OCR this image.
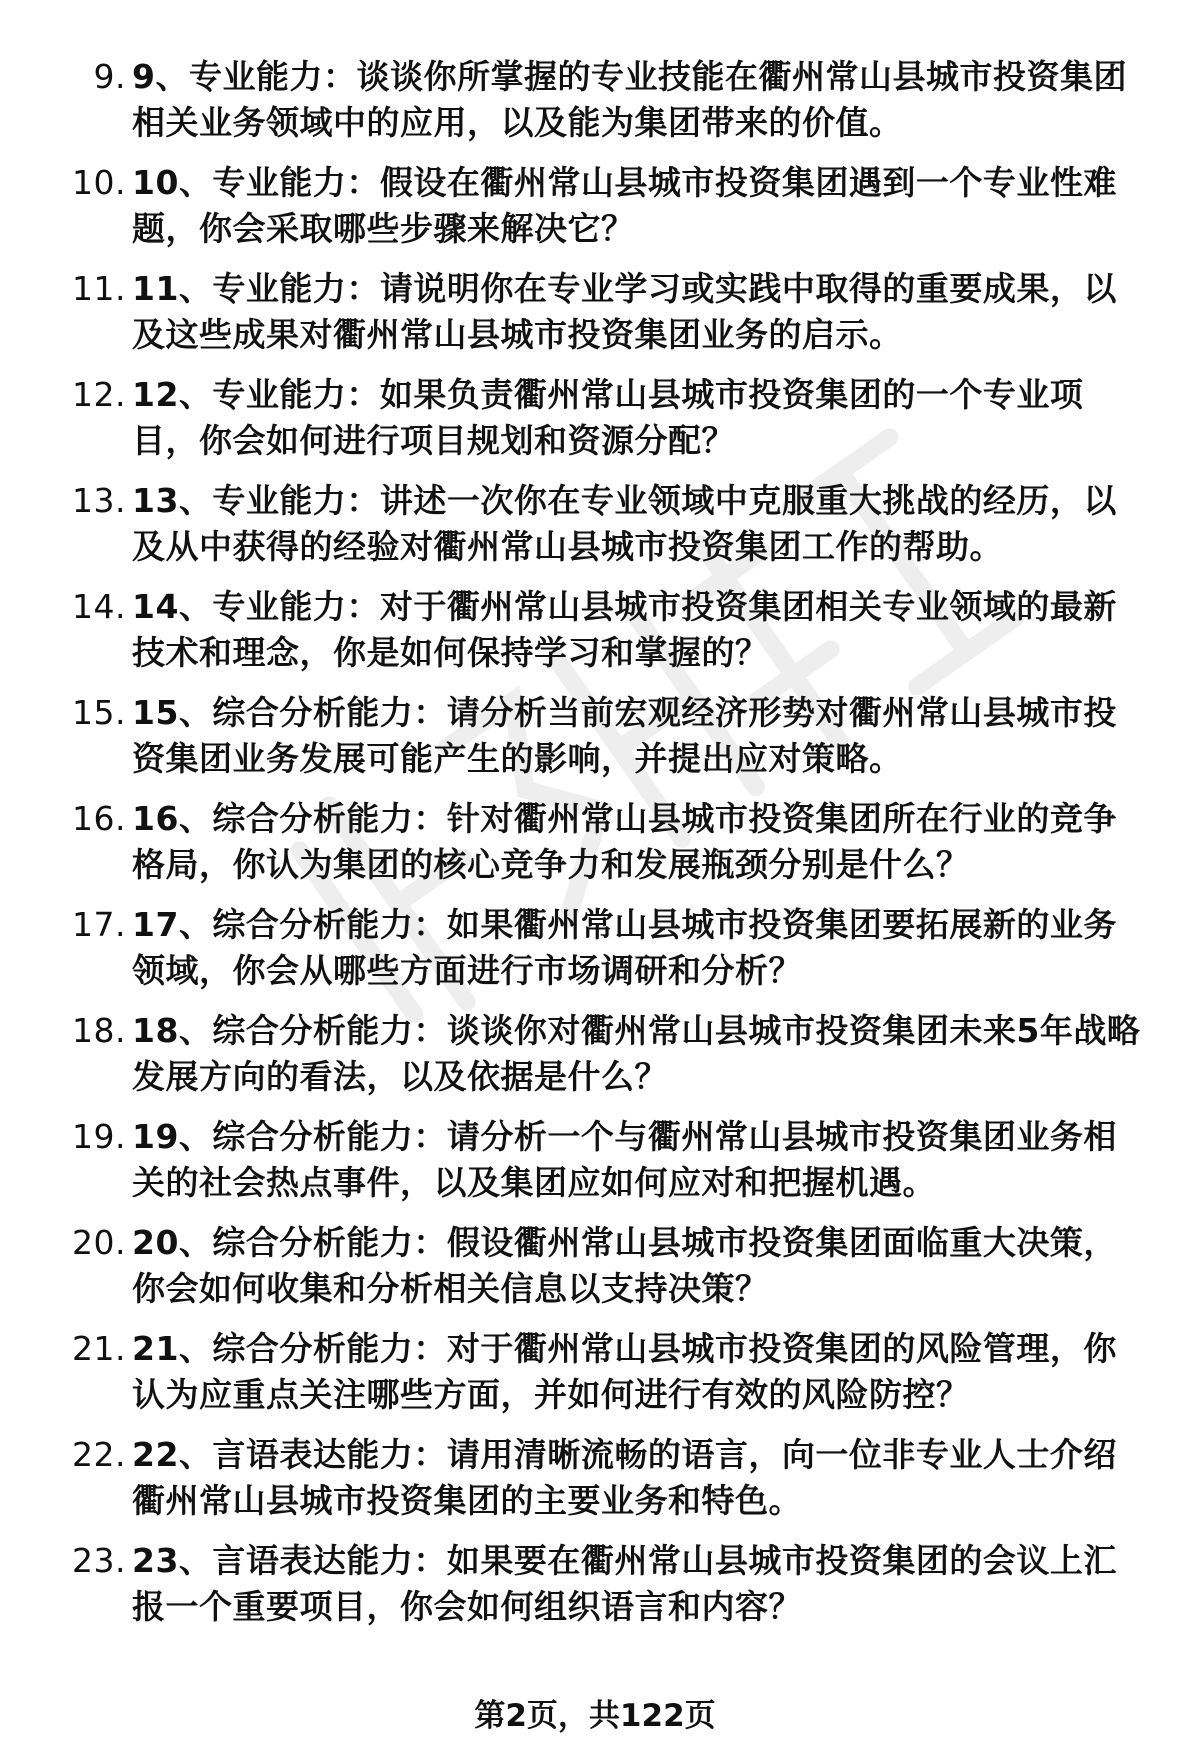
9. 9、专业能力：谈谈你所掌握的专业技能在衢州常山县城市投资集团相关业务领域中的应用，以及能为集团带来的价值。
10. 10、专业能力：假设在衢州常山县城市投资集团遇到一个专业性难题，你会采取哪些步骤来解决它？
11. 11、专业能力：请说明你在专业学习或实践中取得的重要成果，以及这些成果对衢州常山县城市投资集团业务的启示。
12. 12、专业能力：如果负责衢州常山县城市投资集团的一个专业项目，你会如何进行项目规划和资源分配？
13. 13、专业能力：讲述一次你在专业领域中克服重大挑战的经历，以及从中获得的经验对衢州常山县城市投资集团工作的帮助。
14. 14、专业能力：对于衢州常山县城市投资集团相关专业领域的最新技术和理念，你是如何保持学习和掌握的？
15. 15、综合分析能力：请分析当前宏观经济形势对衢州常山县城市投资集团业务发展可能产生的影响，并提出应对策略。
16. 16、综合分析能力：针对衢州常山县城市投资集团所在行业的竞争格局，你认为集团的核心竞争力和发展瓶颈分别是什么？
17. 17、综合分析能力：如果衢州常山县城市投资集团要拓展新的业务领域，你会从哪些方面进行市场调研和分析？
18. 18、综合分析能力：谈谈你对衢州常山县城市投资集团未来5年战略发展方向的看法，以及依据是什么？
19. 19、综合分析能力：请分析一个与衢州常山县城市投资集团业务相关的社会热点事件，以及集团应如何应对和把握机遇。
20. 20、综合分析能力：假设衢州常山县城市投资集团面临重大决策，你会如何收集和分析相关信息以支持决策？
21. 21、综合分析能力：对于衢州常山县城市投资集团的风险管理，你认为应重点关注哪些方面，并如何进行有效的风险防控？
22. 22、言语表达能力：请用清晰流畅的语言，向一位非专业人士介绍衢州常山县城市投资集团的主要业务和特色。
23. 23、言语表达能力：如果要在衢州常山县城市投资集团的会议上汇报一个重要项目，你会如何组织语言和内容？
第2页，共122页
